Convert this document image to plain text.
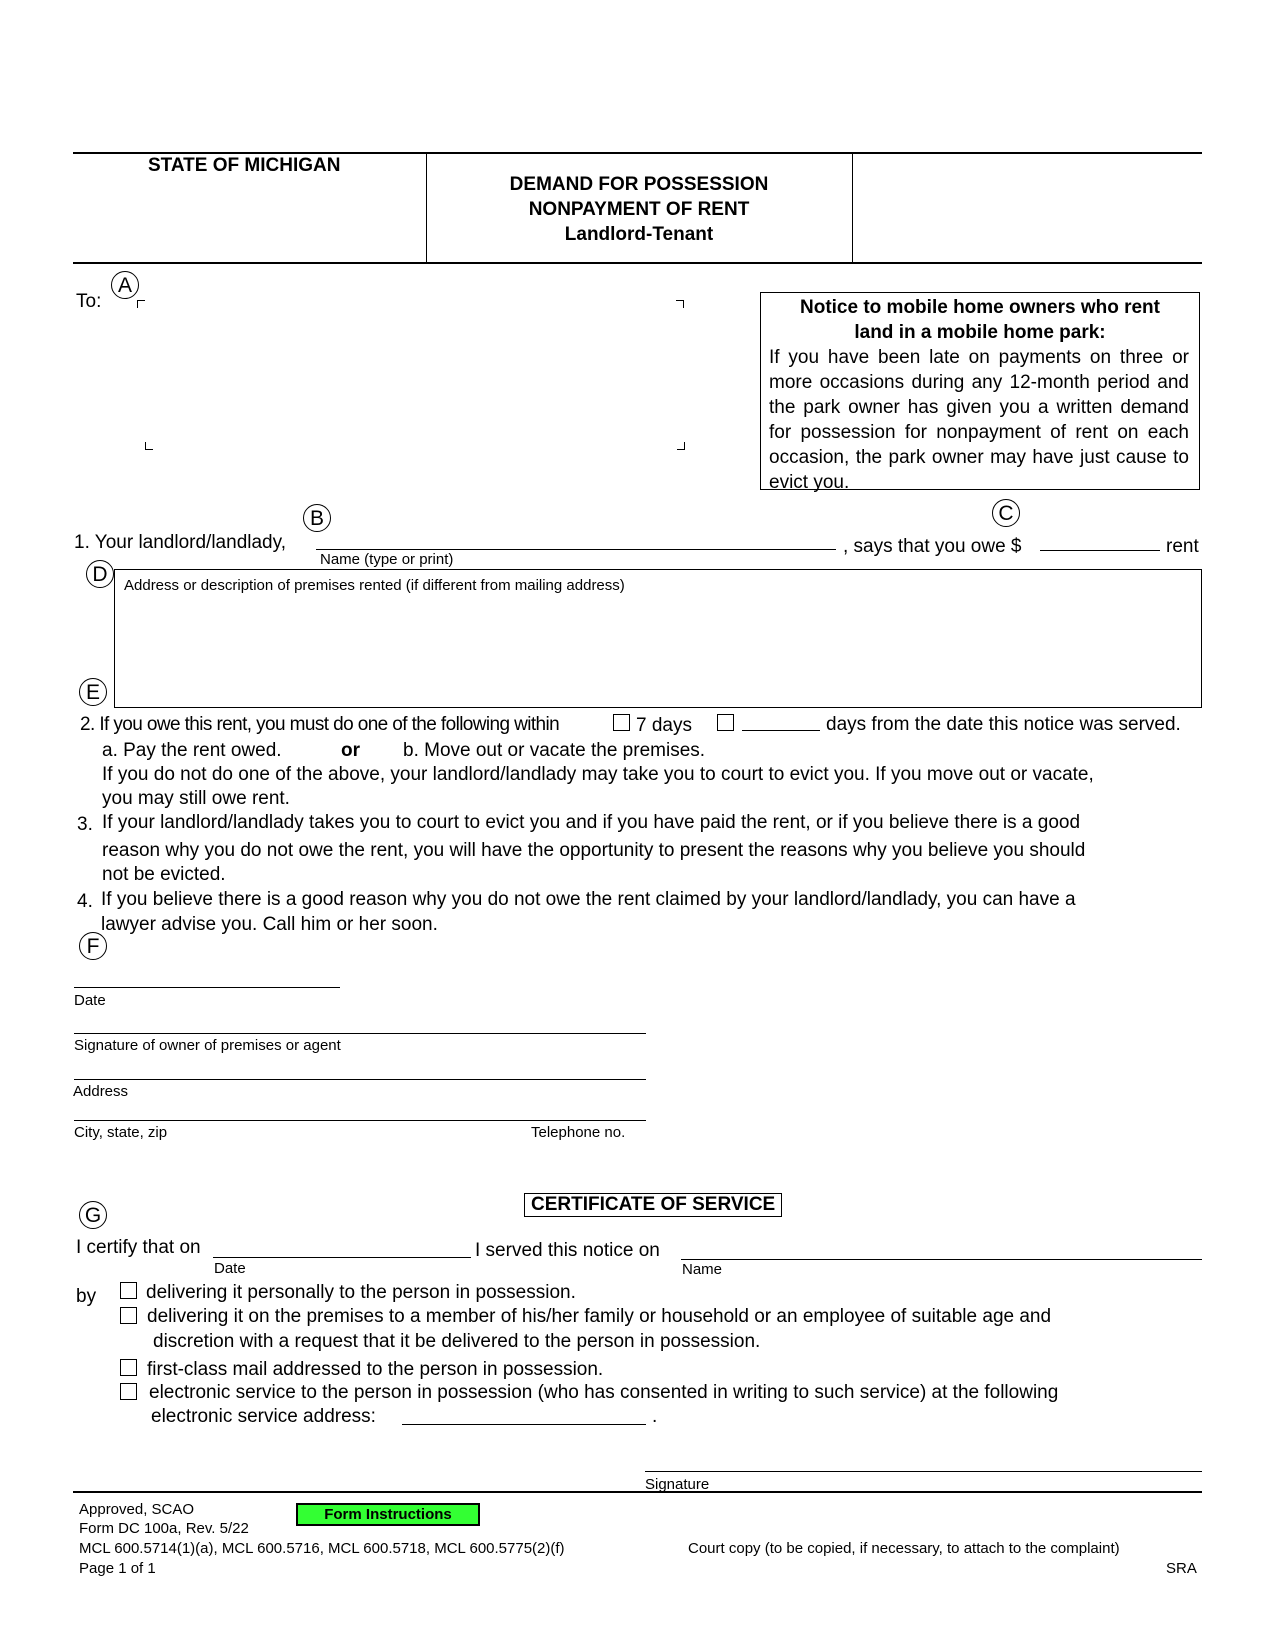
STATE OF MICHIGAN
DEMAND FOR POSSESSION
NONPAYMENT OF RENT
Landlord-Tenant
A
To:	Notice to mobile home owners who rent
land in a mobile home park:
If you have been late on payments on three or more occasions during any 12-month period and the park owner has given you a written demand for possession for nonpayment of rent on each occasion, the park owner may have just cause to evict you.
B	C
1. Your landlord/landlady,
Name (type or print)
, says that you owe $	rent
D	Address or description of premises rented (if different from mailing address)
E
2. If you owe this rent, you must do one of the following within	7 days	days from the date this notice was served.
a. Pay the rent owed.	or b. Move out or vacate the premises.
If you do not do one of the above, your landlord/landlady may take you to court to evict you. If you move out or vacate,
you may still owe rent.
3. If your landlord/landlady takes you to court to evict you and if you have paid the rent, or if you believe there is a good
reason why you do not owe the rent, you will have the opportunity to present the reasons why you believe you should
not be evicted.
4. If you believe there is a good reason why you do not owe the rent claimed by your landlord/landlady, you can have a
lawyer advise you. Call him or her soon.
F
Date
Signature of owner of premises or agent
Address
City, state, zip	Telephone no.
CERTIFICATE OF SERVICE
G
I certify that on
Date
I served this notice on
Name
by	delivering it personally to the person in possession.
delivering it on the premises to a member of his/her family or household or an employee of suitable age and
discretion with a request that it be delivered to the person in possession.
first-class mail addressed to the person in possession.
electronic service to the person in possession (who has consented in writing to such service) at the following
electronic service address:	.
Signature
Approved, SCAO	Form Instructions
Form DC 100a, Rev. 5/22
MCL 600.5714(1)(a), MCL 600.5716, MCL 600.5718, MCL 600.5775(2)(f)	Court copy (to be copied, if necessary, to attach to the complaint)
Page 1 of 1	SRA
